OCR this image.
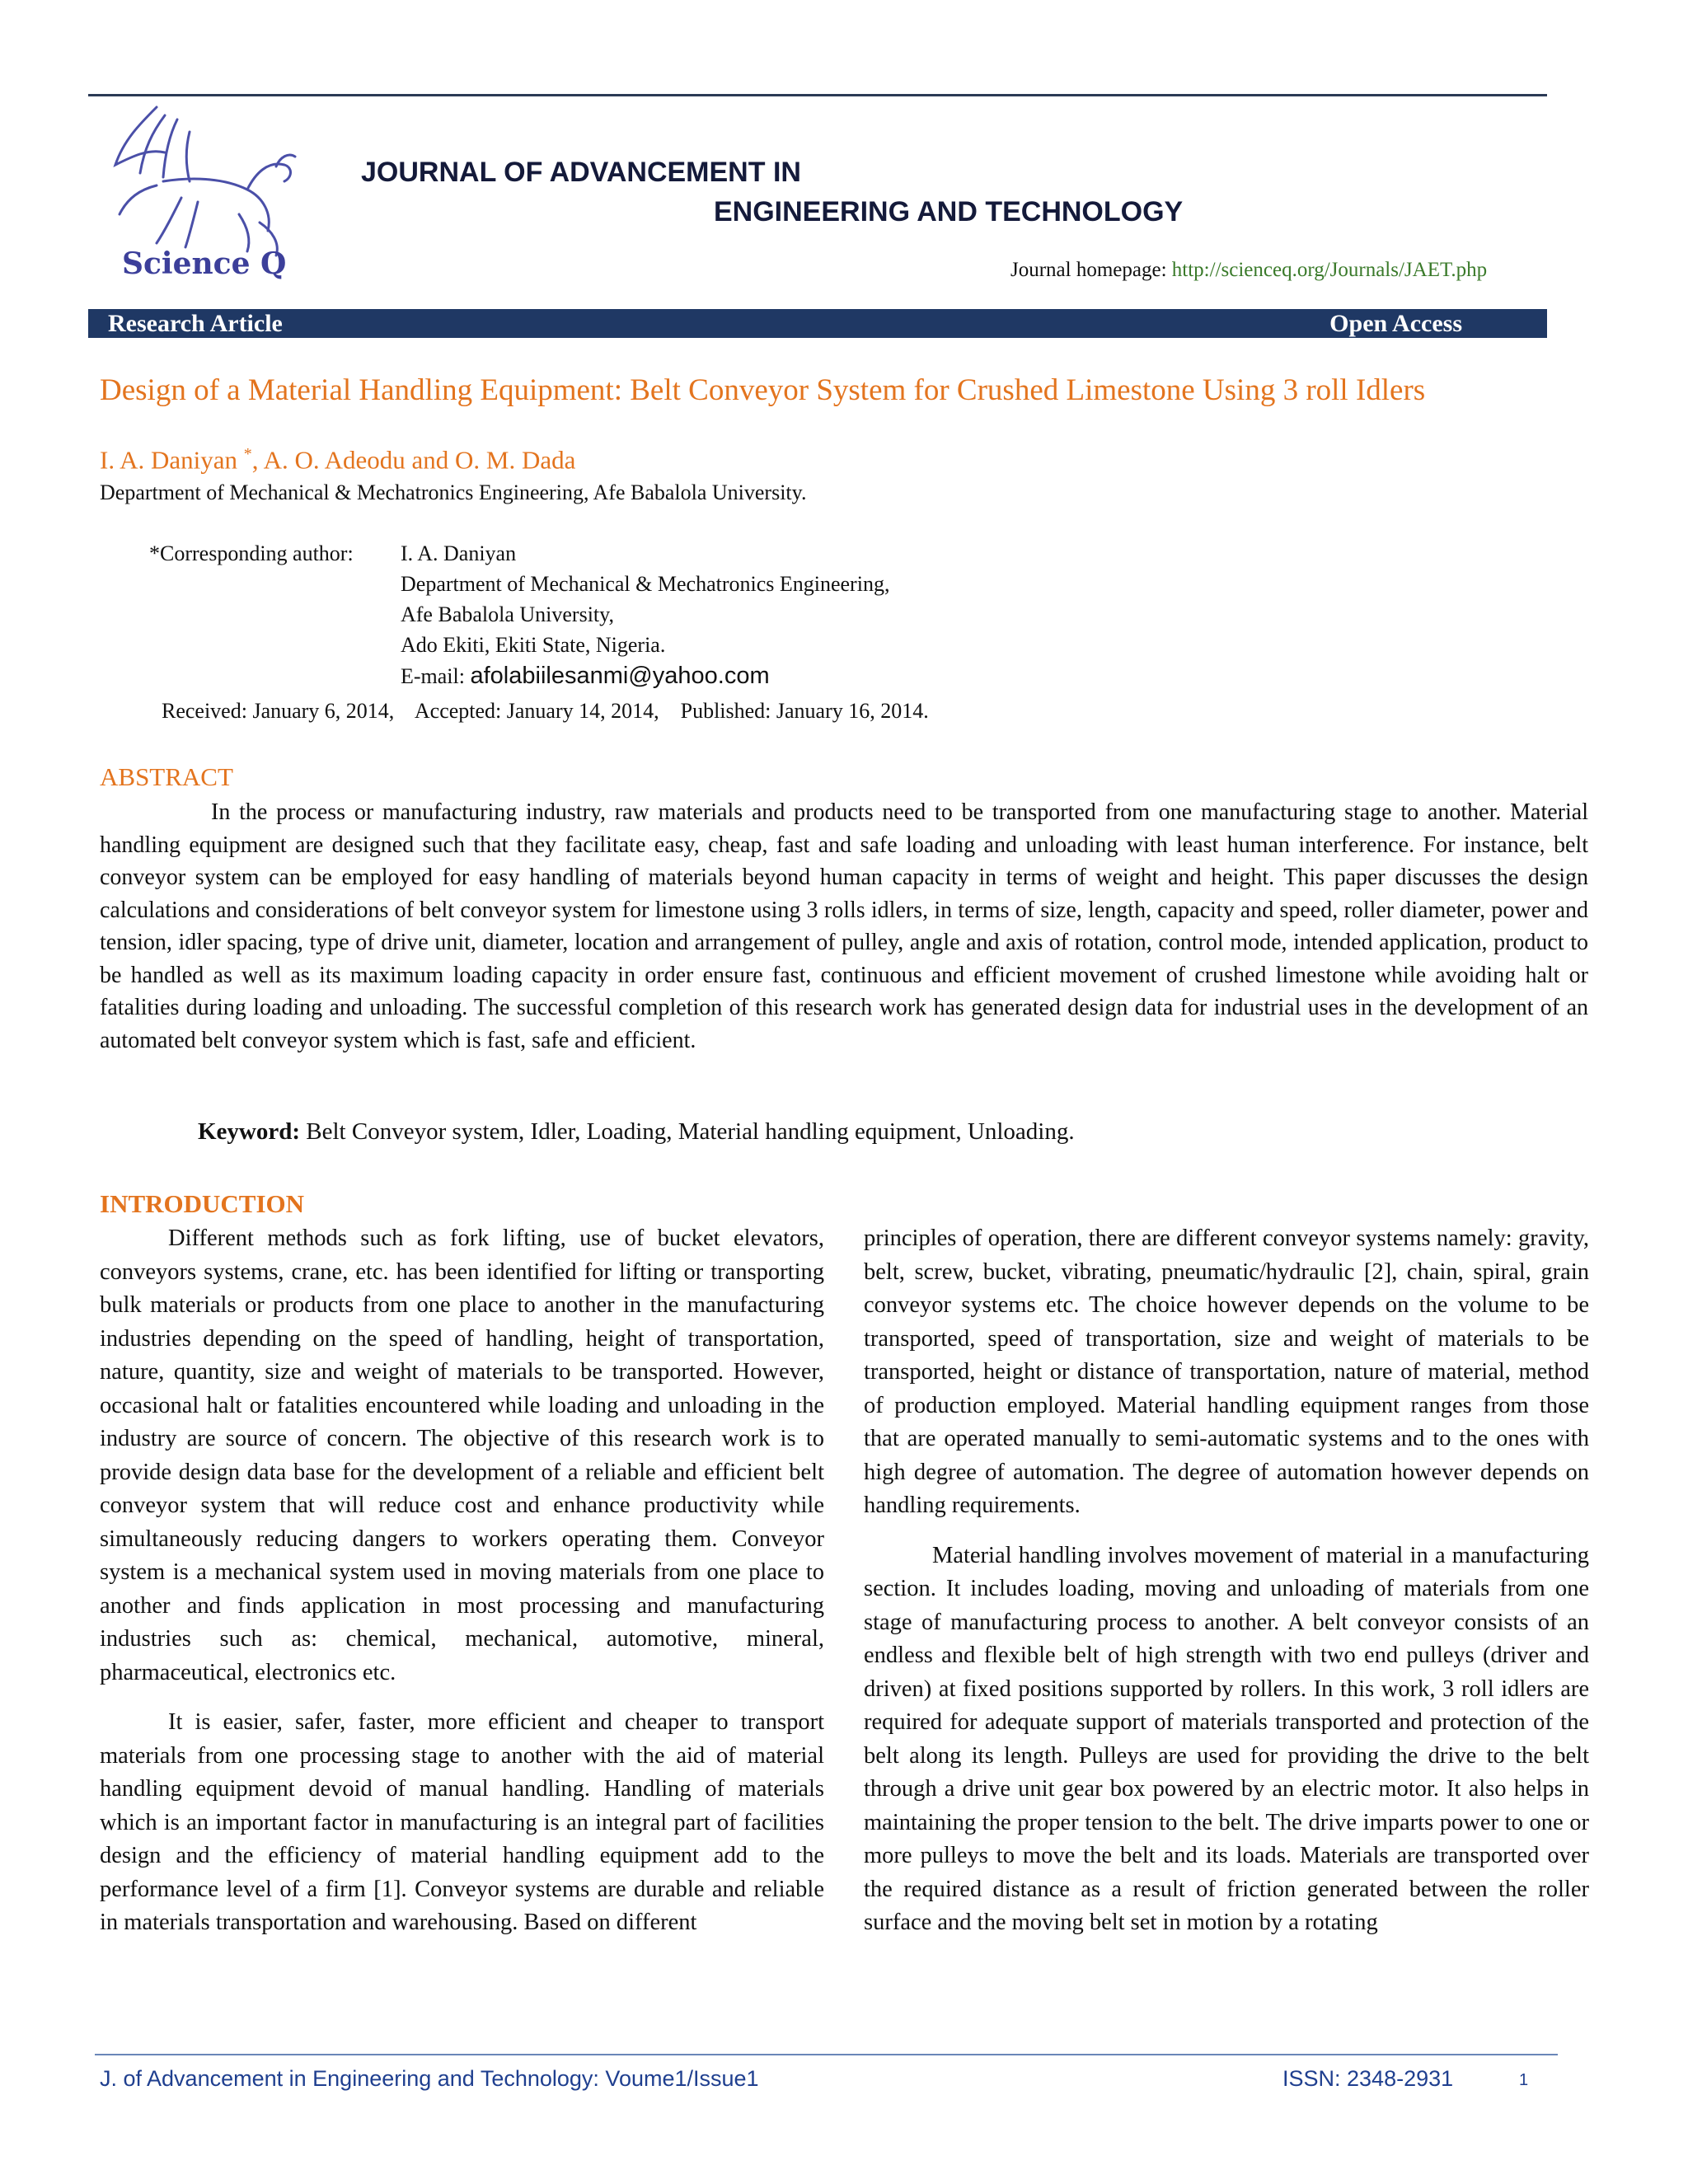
Science Q
JOURNAL OF ADVANCEMENT IN
ENGINEERING AND TECHNOLOGY
Journal homepage: http://scienceq.org/Journals/JAET.php
Research Article	Open Access
Design of a Material Handling Equipment: Belt Conveyor System for Crushed Limestone Using 3 roll Idlers
I. A. Daniyan *, A. O. Adeodu and O. M. Dada
Department of Mechanical & Mechatronics Engineering, Afe Babalola University.
*Corresponding author: I. A. Daniyan
Department of Mechanical & Mechatronics Engineering,
Afe Babalola University,
Ado Ekiti, Ekiti State, Nigeria.
E-mail: afolabiilesanmi@yahoo.com
Received: January 6, 2014,    Accepted: January 14, 2014,    Published: January 16, 2014.
ABSTRACT
In the process or manufacturing industry, raw materials and products need to be transported from one manufacturing stage to another. Material handling equipment are designed such that they facilitate easy, cheap, fast and safe loading and unloading with least human interference. For instance, belt conveyor system can be employed for easy handling of materials beyond human capacity in terms of weight and height. This paper discusses the design calculations and considerations of belt conveyor system for limestone using 3 rolls idlers, in terms of size, length, capacity and speed, roller diameter, power and tension, idler spacing, type of drive unit, diameter, location and arrangement of pulley, angle and axis of rotation, control mode, intended application, product to be handled as well as its maximum loading capacity in order ensure fast, continuous and efficient movement of crushed limestone while avoiding halt or fatalities during loading and unloading. The successful completion of this research work has generated design data for industrial uses in the development of an automated belt conveyor system which is fast, safe and efficient.
Keyword: Belt Conveyor system, Idler, Loading, Material handling equipment, Unloading.
INTRODUCTION

Different methods such as fork lifting, use of bucket elevators, conveyors systems, crane, etc. has been identified for lifting or transporting bulk materials or products from one place to another in the manufacturing industries depending on the speed of handling, height of transportation, nature, quantity, size and weight of materials to be transported. However, occasional halt or fatalities encountered while loading and unloading in the industry are source of concern. The objective of this research work is to provide design data base for the development of a reliable and efficient belt conveyor system that will reduce cost and enhance productivity while simultaneously reducing dangers to workers operating them. Conveyor system is a mechanical system used in moving materials from one place to another and finds application in most processing and manufacturing industries such as: chemical, mechanical, automotive, mineral, pharmaceutical, electronics etc.

It is easier, safer, faster, more efficient and cheaper to transport materials from one processing stage to another with the aid of material handling equipment devoid of manual handling. Handling of materials which is an important factor in manufacturing is an integral part of facilities design and the efficiency of material handling equipment add to the performance level of a firm [1]. Conveyor systems are durable and reliable in materials transportation and warehousing. Based on different

principles of operation, there are different conveyor systems namely: gravity, belt, screw, bucket, vibrating, pneumatic/hydraulic [2], chain, spiral, grain conveyor systems etc. The choice however depends on the volume to be transported, speed of transportation, size and weight of materials to be transported, height or distance of transportation, nature of material, method of production employed. Material handling equipment ranges from those that are operated manually to semi-automatic systems and to the ones with high degree of automation. The degree of automation however depends on handling requirements.

Material handling involves movement of material in a manufacturing section. It includes loading, moving and unloading of materials from one stage of manufacturing process to another. A belt conveyor consists of an endless and flexible belt of high strength with two end pulleys (driver and driven) at fixed positions supported by rollers. In this work, 3 roll idlers are required for adequate support of materials transported and protection of the belt along its length. Pulleys are used for providing the drive to the belt through a drive unit gear box powered by an electric motor. It also helps in maintaining the proper tension to the belt. The drive imparts power to one or more pulleys to move the belt and its loads. Materials are transported over the required distance as a result of friction generated between the roller surface and the moving belt set in motion by a rotating

J. of Advancement in Engineering and Technology: Voume1/Issue1	ISSN: 2348-2931	1
